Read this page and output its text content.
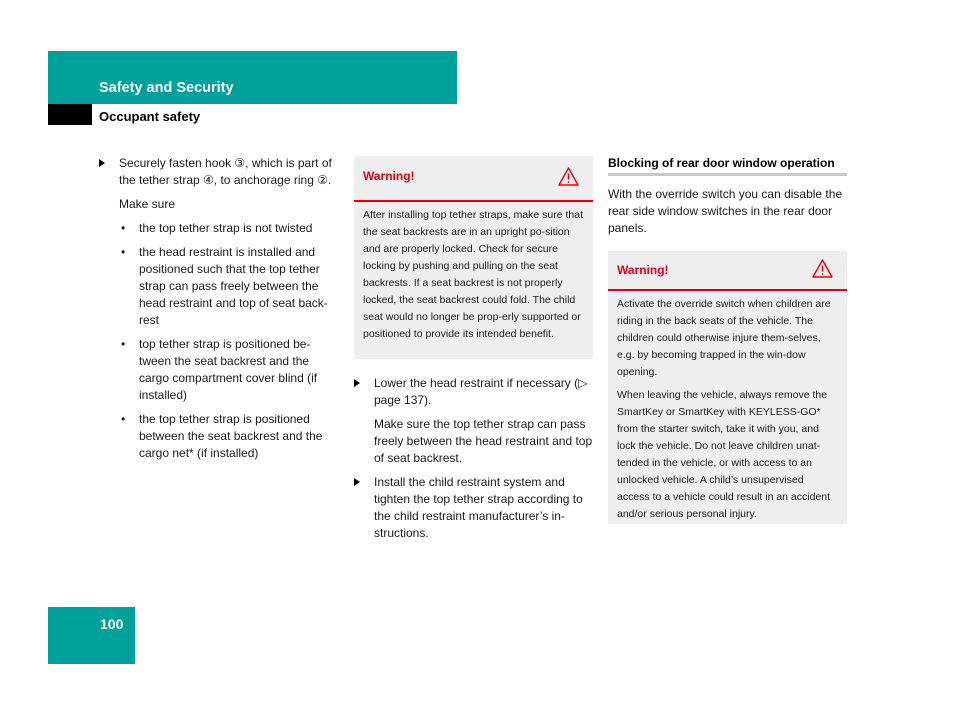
Safety and Security
Occupant safety
Securely fasten hook ③, which is part of the tether strap ④, to anchorage ring ②.
Make sure
• the top tether strap is not twisted
• the head restraint is installed and positioned such that the top tether strap can pass freely between the head restraint and top of seat back-rest
• top tether strap is positioned be-tween the seat backrest and the cargo compartment cover blind (if installed)
• the top tether strap is positioned between the seat backrest and the cargo net* (if installed)
Warning!

After installing top tether straps, make sure that the seat backrests are in an upright po-sition and are properly locked. Check for secure locking by pushing and pulling on the seat backrests. If a seat backrest is not properly locked, the seat backrest could fold. The child seat would no longer be prop-erly supported or positioned to provide its intended benefit.

Lower the head restraint if necessary (▷ page 137).
Make sure the top tether strap can pass freely between the head restraint and top of seat backrest.
Install the child restraint system and tighten the top tether strap according to the child restraint manufacturer’s in-structions.
Blocking of rear door window operation
With the override switch you can disable the rear side window switches in the rear door panels.
Warning!

Activate the override switch when children are riding in the back seats of the vehicle. The children could otherwise injure them-selves, e.g. by becoming trapped in the win-dow opening.

When leaving the vehicle, always remove the SmartKey or SmartKey with KEYLESS-GO* from the starter switch, take it with you, and lock the vehicle. Do not leave children unat-tended in the vehicle, or with access to an unlocked vehicle. A child’s unsupervised access to a vehicle could result in an accident and/or serious personal injury.

100
